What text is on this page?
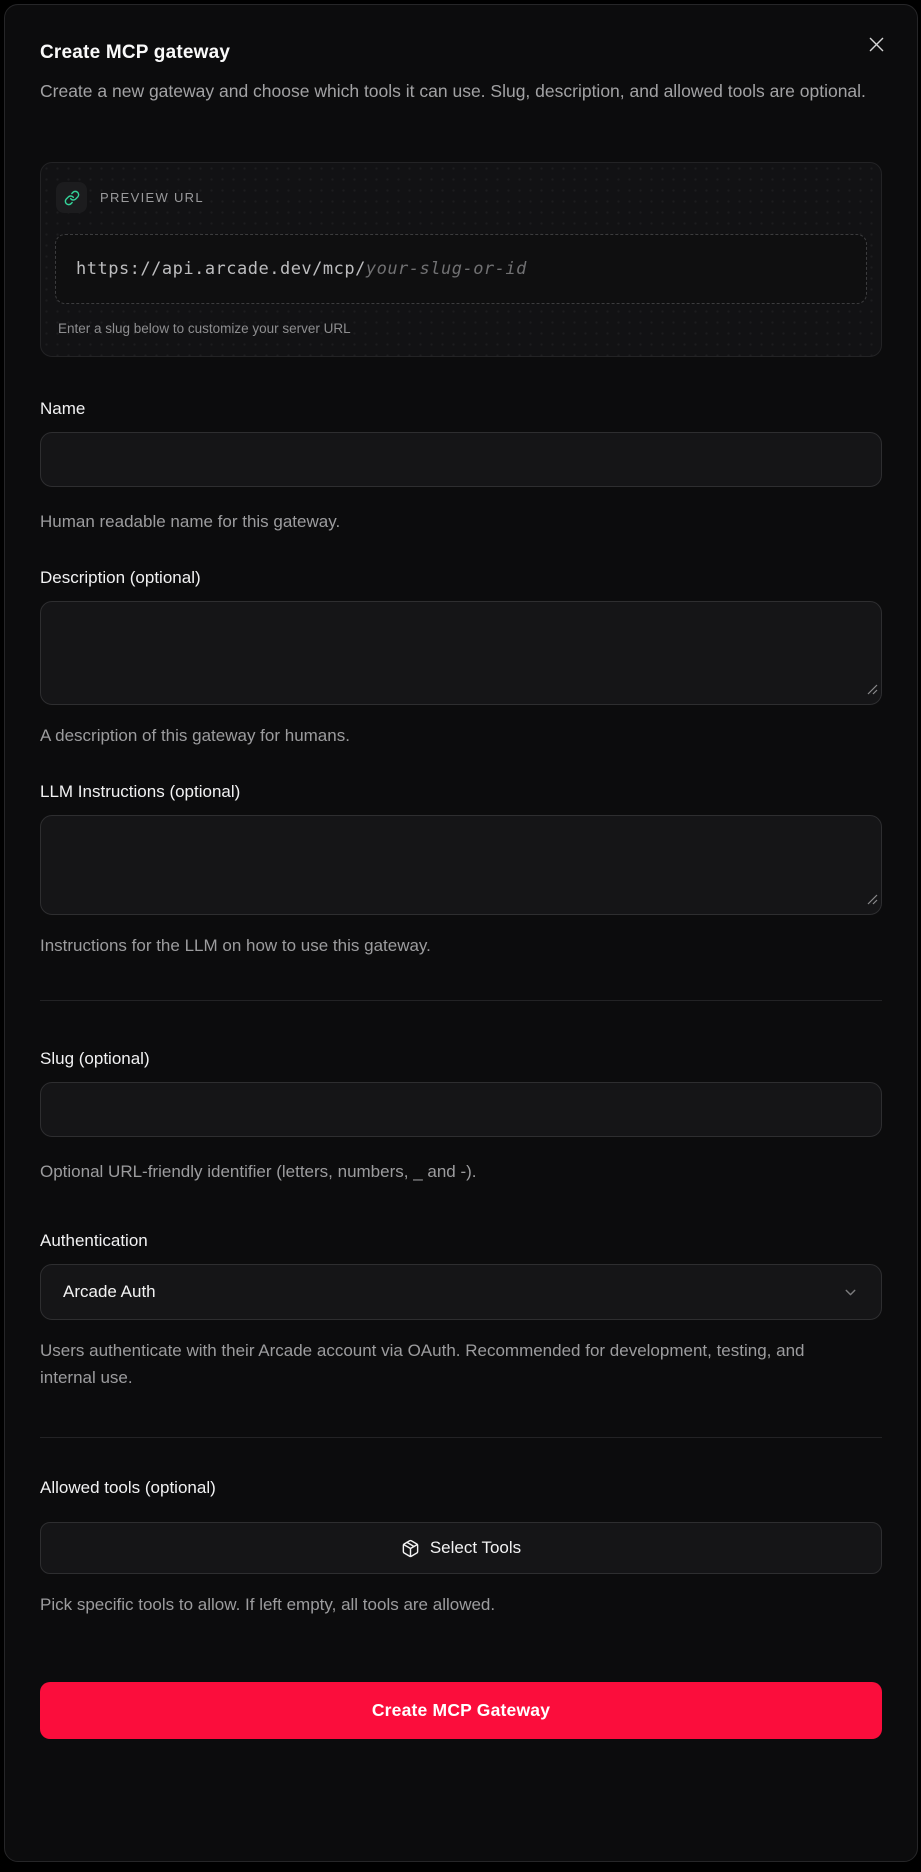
Create MCP gateway

Create a new gateway and choose which tools it can use. Slug, description, and allowed tools are optional.

PREVIEW URL
https://api.arcade.dev/mcp/ your-slug-or-id

Enter a slug below to customize your server URL

Name

Human readable name for this gateway.

Description (optional)

A description of this gateway for humans.

LLM Instructions (optional)

Instructions for the LLM on how to use this gateway.

Slug (optional)

Optional URL-friendly identifier (letters, numbers, _ and -).

Authentication
Arcade Auth

Users authenticate with their Arcade account via OAuth. Recommended for development, testing, and internal use.

Allowed tools (optional)
Select Tools

Pick specific tools to allow. If left empty, all tools are allowed.

Create MCP Gateway
